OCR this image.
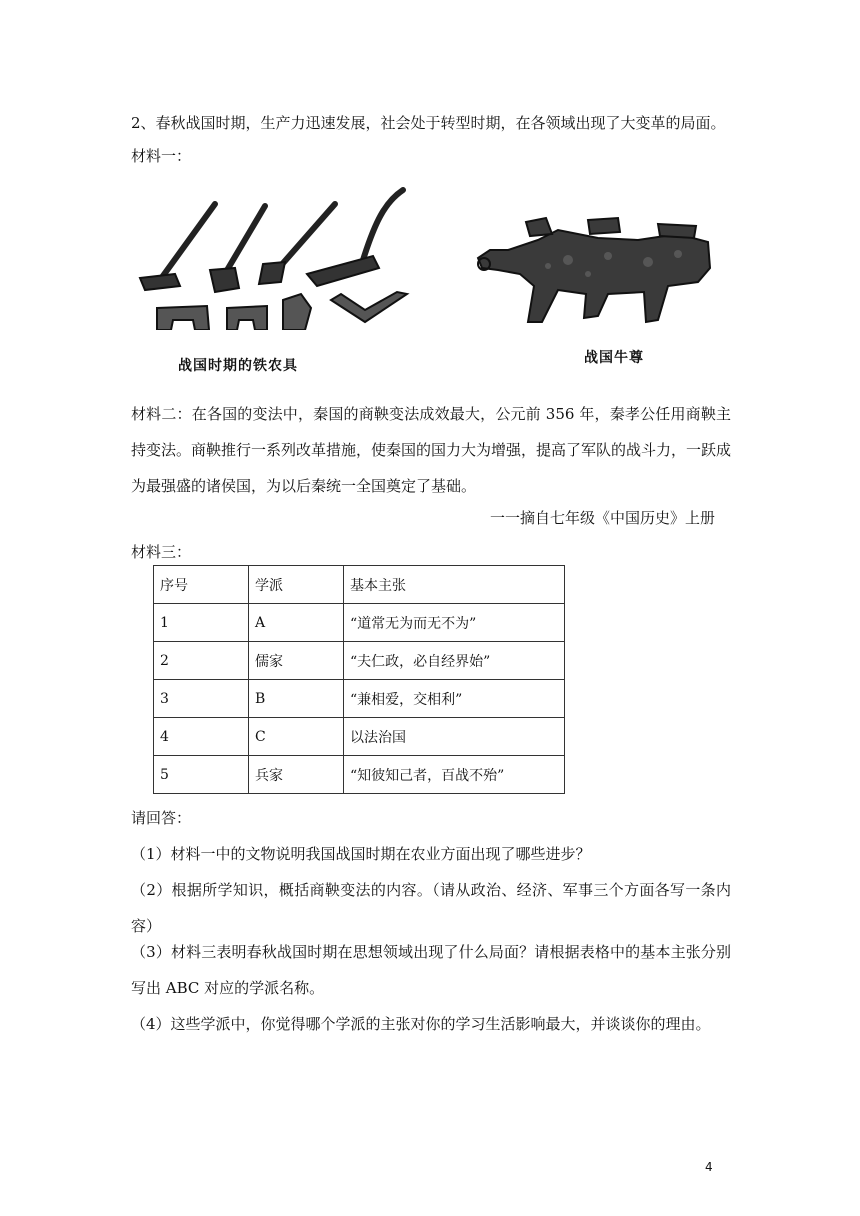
2、春秋战国时期，生产力迅速发展，社会处于转型时期，在各领域出现了大变革的局面。
材料一：
战国时期的铁农具	战国牛尊
材料二：在各国的变法中，秦国的商鞅变法成效最大，公元前 356 年，秦孝公任用商鞅主持变法。商鞅推行一系列改革措施，使秦国的国力大为增强，提高了军队的战斗力，一跃成为最强盛的诸侯国，为以后秦统一全国奠定了基础。
一一摘自七年级《中国历史》上册
材料三：
序号	学派	基本主张
1	A	“道常无为而无不为”
2	儒家	“夫仁政，必自经界始”
3	B	“兼相爱，交相利”
4	C	以法治国
5	兵家	“知彼知己者，百战不殆”
请回答：
（1）材料一中的文物说明我国战国时期在农业方面出现了哪些进步？
（2）根据所学知识，概括商鞅变法的内容。（请从政治、经济、军事三个方面各写一条内容）
（3）材料三表明春秋战国时期在思想领域出现了什么局面？请根据表格中的基本主张分别写出 ABC 对应的学派名称。
（4）这些学派中，你觉得哪个学派的主张对你的学习生活影响最大，并谈谈你的理由。
4
